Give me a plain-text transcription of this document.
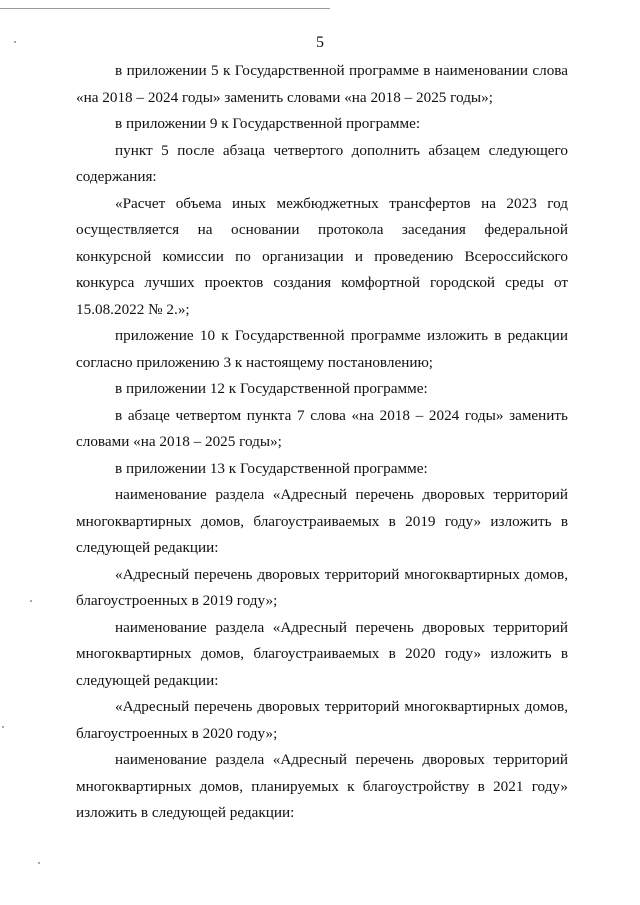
5

в приложении 5 к Государственной программе в наименовании слова «на 2018 – 2024 годы» заменить словами «на 2018 – 2025 годы»;

в приложении 9 к Государственной программе:

пункт 5 после абзаца четвертого дополнить абзацем следующего содержания:

«Расчет объема иных межбюджетных трансфертов на 2023 год осуществляется на основании протокола заседания федеральной конкурсной комиссии по организации и проведению Всероссийского конкурса лучших проектов создания комфортной городской среды от 15.08.2022 № 2.»;

приложение 10 к Государственной программе изложить в редакции согласно приложению 3 к настоящему постановлению;

в приложении 12 к Государственной программе:

в абзаце четвертом пункта 7 слова «на 2018 – 2024 годы» заменить словами «на 2018 – 2025 годы»;

в приложении 13 к Государственной программе:

наименование раздела «Адресный перечень дворовых территорий многоквартирных домов, благоустраиваемых в 2019 году» изложить в следующей редакции:

«Адресный перечень дворовых территорий многоквартирных домов, благоустроенных в 2019 году»;

наименование раздела «Адресный перечень дворовых территорий многоквартирных домов, благоустраиваемых в 2020 году» изложить в следующей редакции:

«Адресный перечень дворовых территорий многоквартирных домов, благоустроенных в 2020 году»;

наименование раздела «Адресный перечень дворовых территорий многоквартирных домов, планируемых к благоустройству в 2021 году» изложить в следующей редакции:
